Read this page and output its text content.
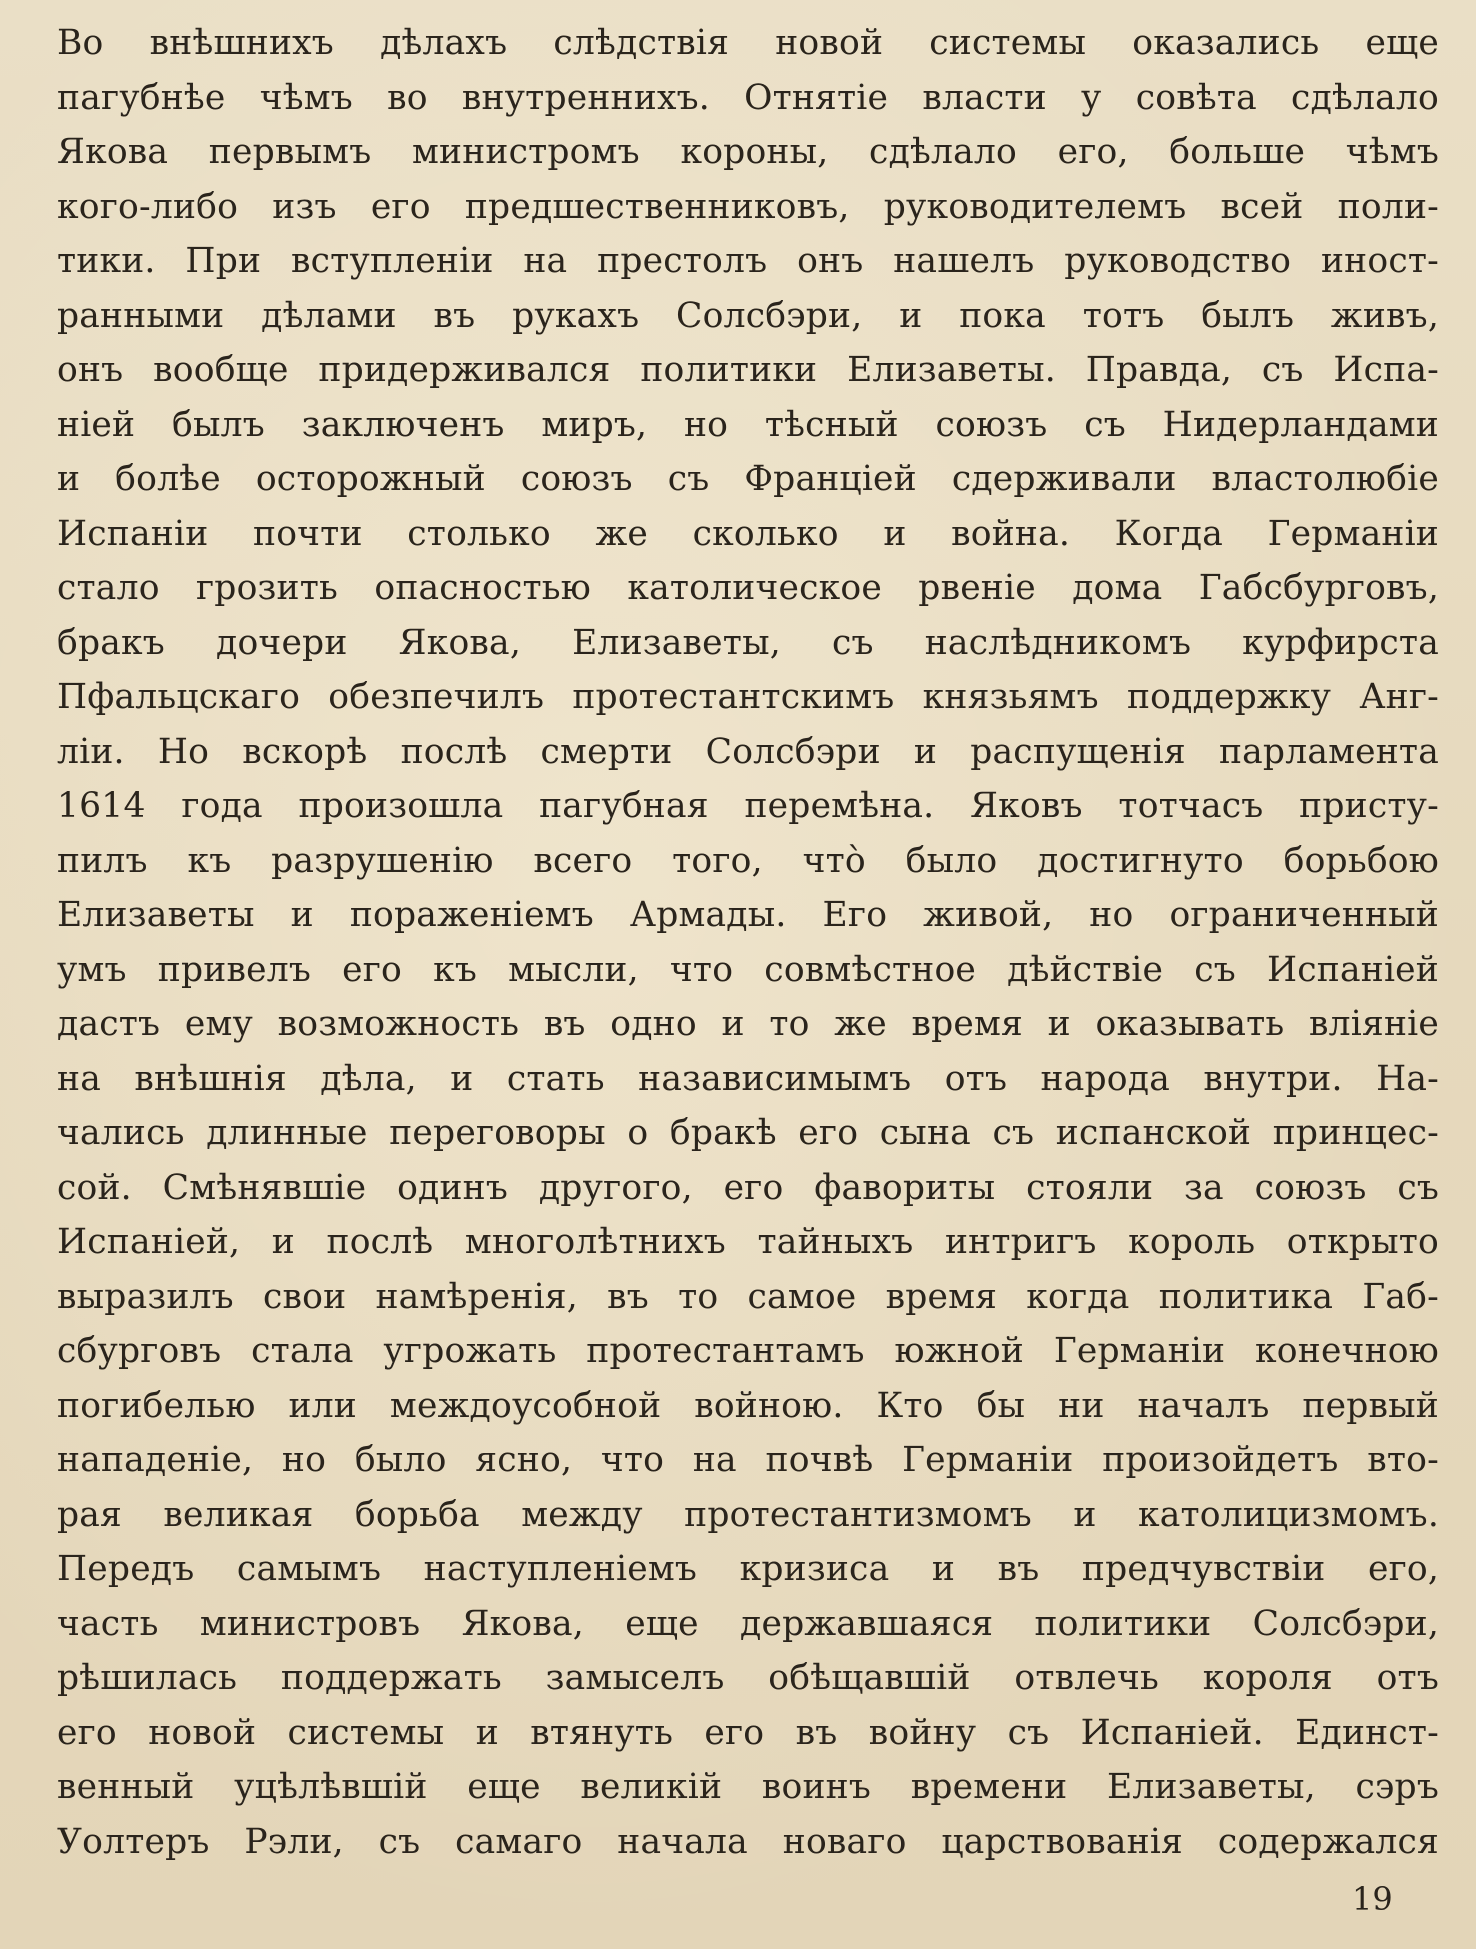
Во внѣшнихъ дѣлахъ слѣдствія новой системы оказались еще
пагубнѣе чѣмъ во внутреннихъ. Отнятіе власти у совѣта сдѣлало
Якова первымъ министромъ короны, сдѣлало его, больше чѣмъ
кого-либо изъ его предшественниковъ, руководителемъ всей поли-
тики. При вступленіи на престолъ онъ нашелъ руководство иност-
ранными дѣлами въ рукахъ Солсбэри, и пока тотъ былъ живъ,
онъ вообще придерживался политики Елизаветы. Правда, съ Испа-
ніей былъ заключенъ миръ, но тѣсный союзъ съ Нидерландами
и болѣе осторожный союзъ съ Франціей сдерживали властолюбіе
Испаніи почти столько же сколько и война. Когда Германіи
стало грозить опасностью католическое рвеніе дома Габсбурговъ,
бракъ дочери Якова, Елизаветы, съ наслѣдникомъ курфирста
Пфальцскаго обезпечилъ протестантскимъ князьямъ поддержку Анг-
ліи. Но вскорѣ послѣ смерти Солсбэри и распущенія парламента
1614 года произошла пагубная перемѣна. Яковъ тотчасъ присту-
пилъ къ разрушенію всего того, что̀ было достигнуто борьбою
Елизаветы и пораженіемъ Армады. Его живой, но ограниченный
умъ привелъ его къ мысли, что совмѣстное дѣйствіе съ Испаніей
дастъ ему возможность въ одно и то же время и оказывать вліяніе
на внѣшнія дѣла, и стать назависимымъ отъ народа внутри. На-
чались длинные переговоры о бракѣ его сына съ испанской принцес-
сой. Смѣнявшіе одинъ другого, его фавориты стояли за союзъ съ
Испаніей, и послѣ многолѣтнихъ тайныхъ интригъ король открыто
выразилъ свои намѣренія, въ то самое время когда политика Габ-
сбурговъ стала угрожать протестантамъ южной Германіи конечною
погибелью или междоусобной войною. Кто бы ни началъ первый
нападеніе, но было ясно, что на почвѣ Германіи произойдетъ вто-
рая великая борьба между протестантизмомъ и католицизмомъ.
Передъ самымъ наступленіемъ кризиса и въ предчувствіи его,
часть министровъ Якова, еще державшаяся политики Солсбэри,
рѣшилась поддержать замыселъ обѣщавшій отвлечь короля отъ
его новой системы и втянуть его въ войну съ Испаніей. Единст-
венный уцѣлѣвшій еще великій воинъ времени Елизаветы, сэръ
Уолтеръ Рэли, съ самаго начала новаго царствованія содержался
19
